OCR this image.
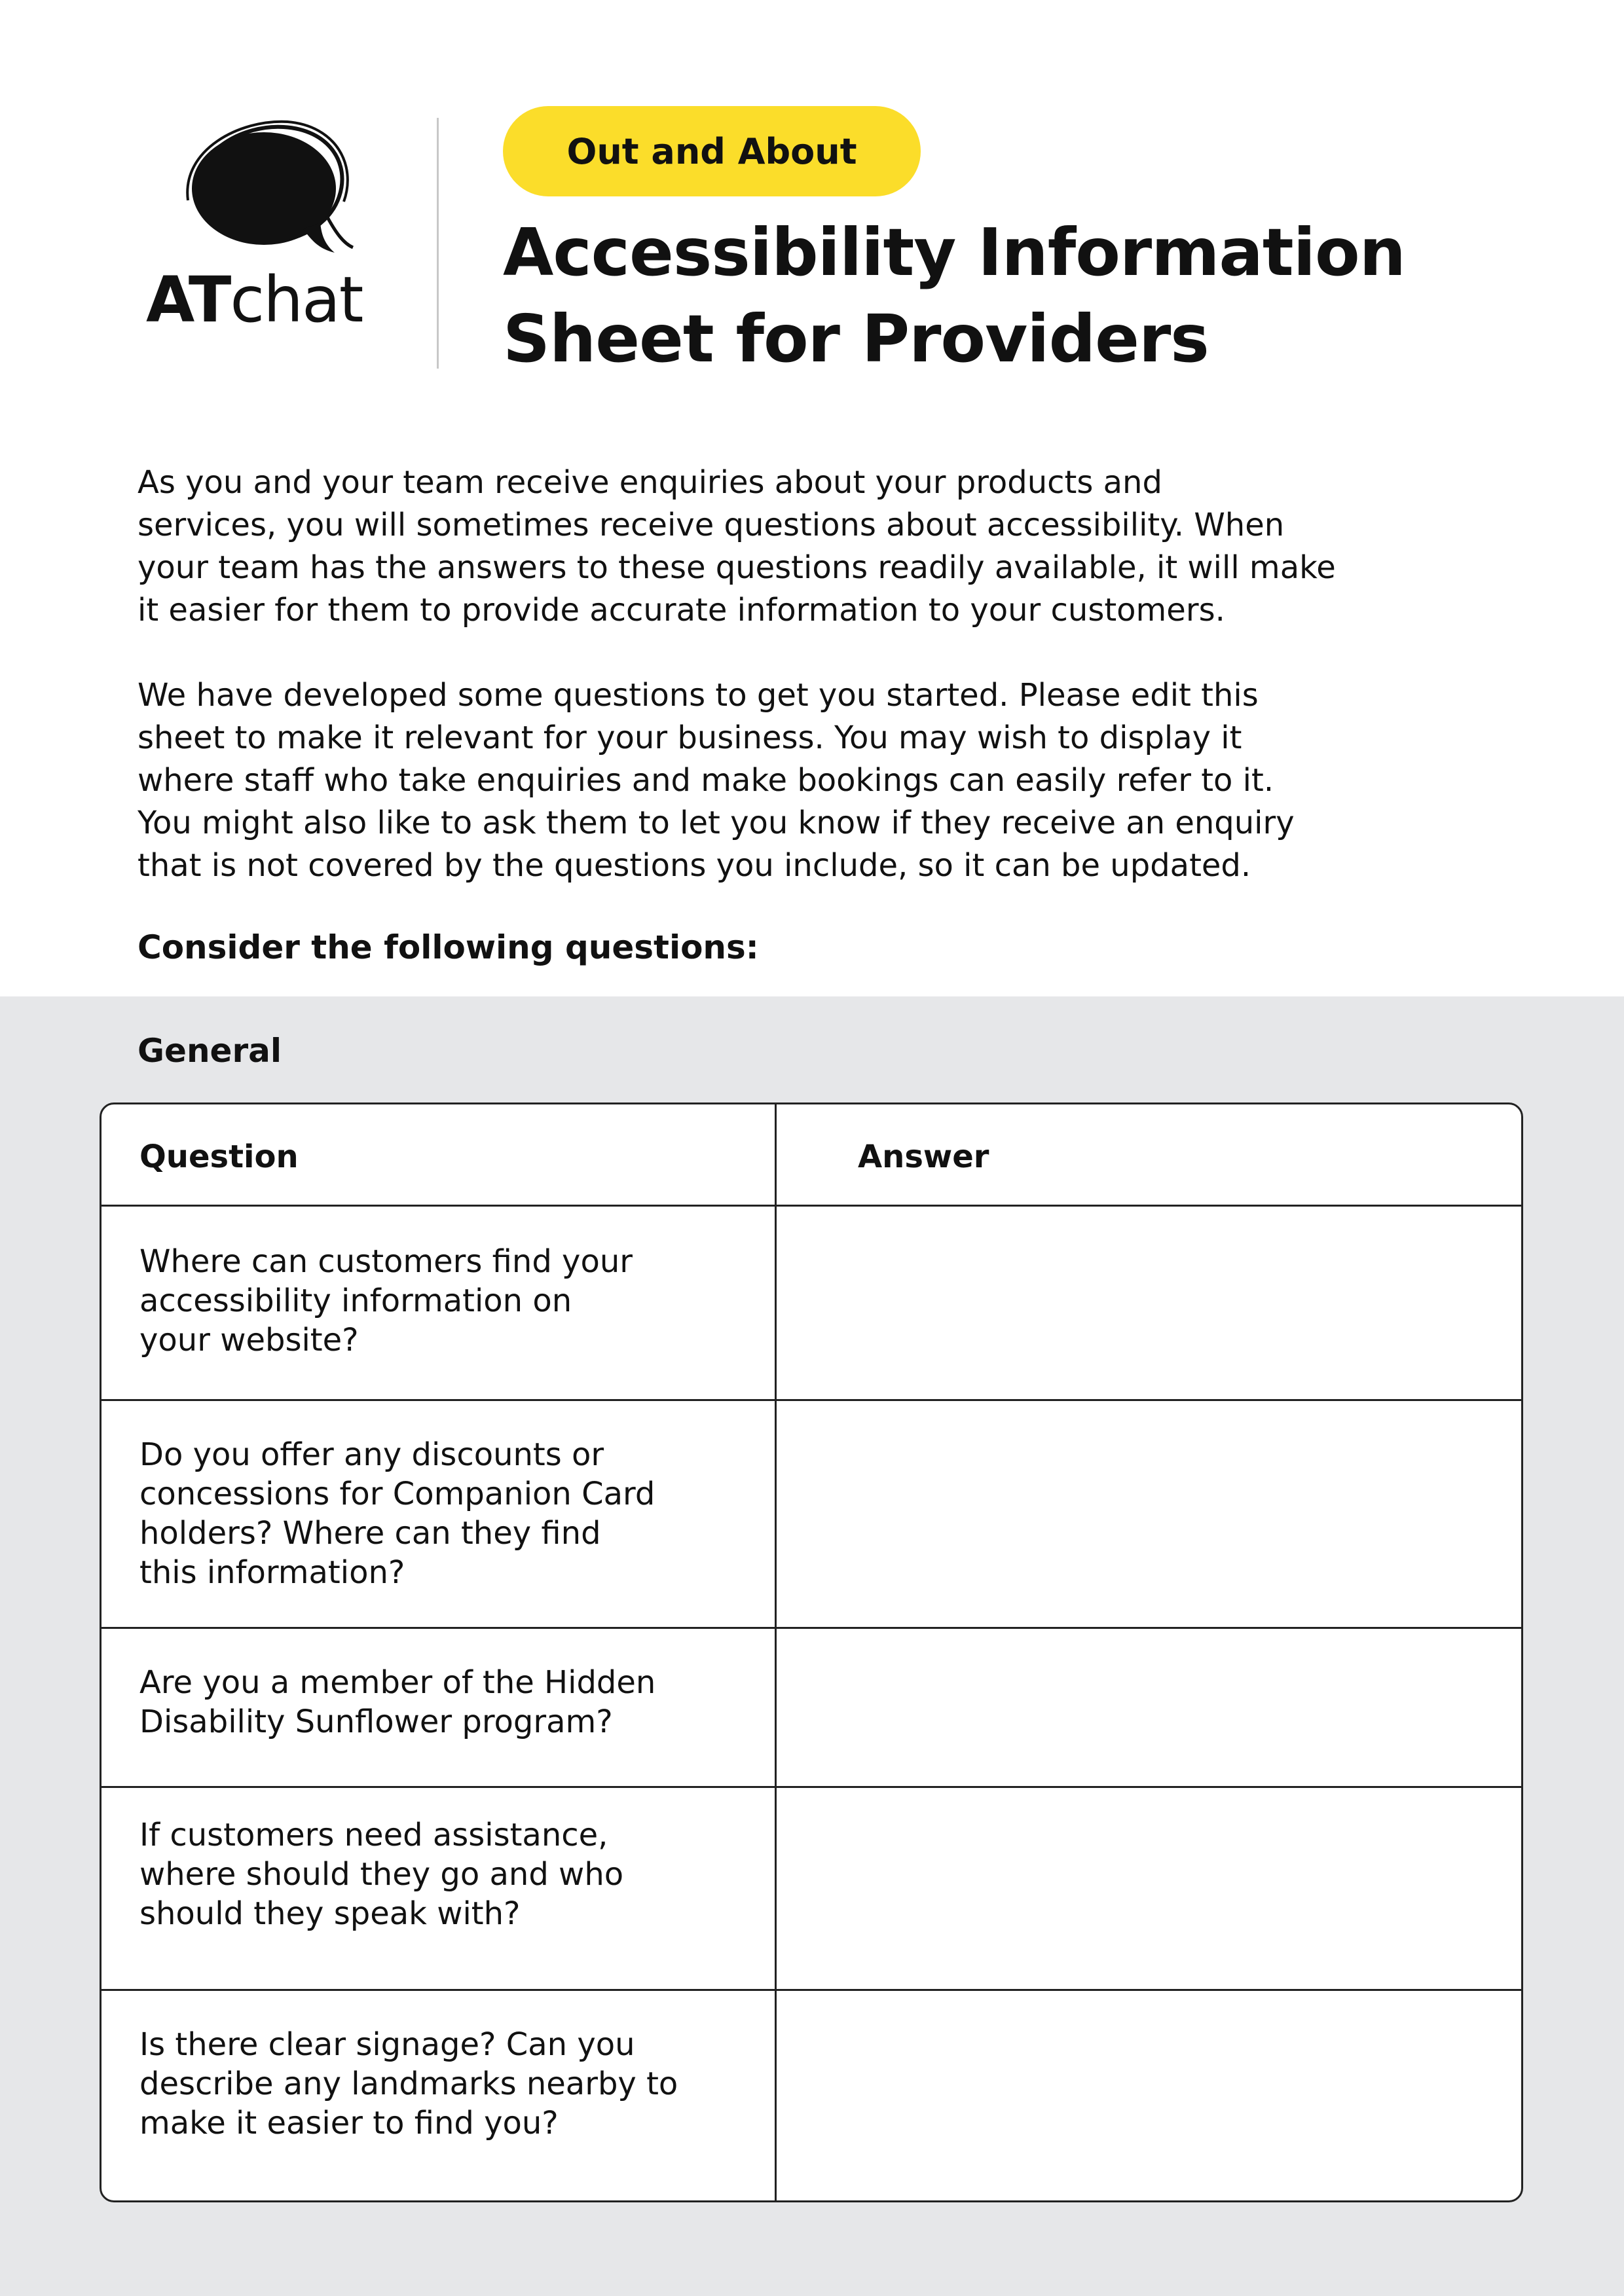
ATchat
Out and About
Accessibility Information
Sheet for Providers

As you and your team receive enquiries about your products and
services, you will sometimes receive questions about accessibility. When
your team has the answers to these questions readily available, it will make
it easier for them to provide accurate information to your customers.

We have developed some questions to get you started. Please edit this
sheet to make it relevant for your business. You may wish to display it
where staff who take enquiries and make bookings can easily refer to it.
You might also like to ask them to let you know if they receive an enquiry
that is not covered by the questions you include, so it can be updated.

Consider the following questions:

General
Question	Answer
Where can customers find your
accessibility information on
your website?
Do you offer any discounts or
concessions for Companion Card
holders? Where can they find
this information?
Are you a member of the Hidden
Disability Sunflower program?
If customers need assistance,
where should they go and who
should they speak with?
Is there clear signage? Can you
describe any landmarks nearby to
make it easier to find you?
